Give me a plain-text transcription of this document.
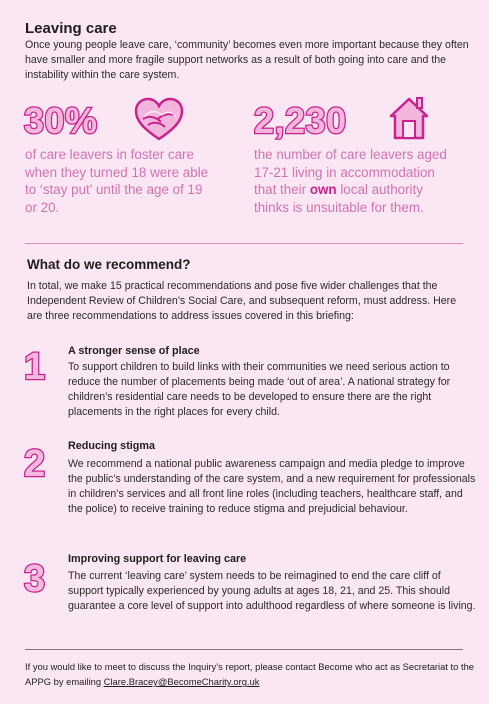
Leaving care
Once young people leave care, ‘community’ becomes even more important because they often have smaller and more fragile support networks as a result of both going into care and the instability within the care system.
30%
of care leavers in foster care when they turned 18 were able to ‘stay put’ until the age of 19 or 20.
2,230
the number of care leavers aged 17-21 living in accommodation that their own local authority thinks is unsuitable for them.
What do we recommend?
In total, we make 15 practical recommendations and pose five wider challenges that the Independent Review of Children’s Social Care, and subsequent reform, must address. Here are three recommendations to address issues covered in this briefing:
1 A stronger sense of place
To support children to build links with their communities we need serious action to reduce the number of placements being made ‘out of area’. A national strategy for children’s residential care needs to be developed to ensure there are the right placements in the right places for every child.
2 Reducing stigma
We recommend a national public awareness campaign and media pledge to improve the public’s understanding of the care system, and a new requirement for professionals in children’s services and all front line roles (including teachers, healthcare staff, and the police) to receive training to reduce stigma and prejudicial behaviour.
3 Improving support for leaving care
The current ‘leaving care’ system needs to be reimagined to end the care cliff of support typically experienced by young adults at ages 18, 21, and 25. This should guarantee a core level of support into adulthood regardless of where someone is living.
If you would like to meet to discuss the Inquiry’s report, please contact Become who act as Secretariat to the APPG by emailing Clare.Bracey@BecomeCharity.org.uk
